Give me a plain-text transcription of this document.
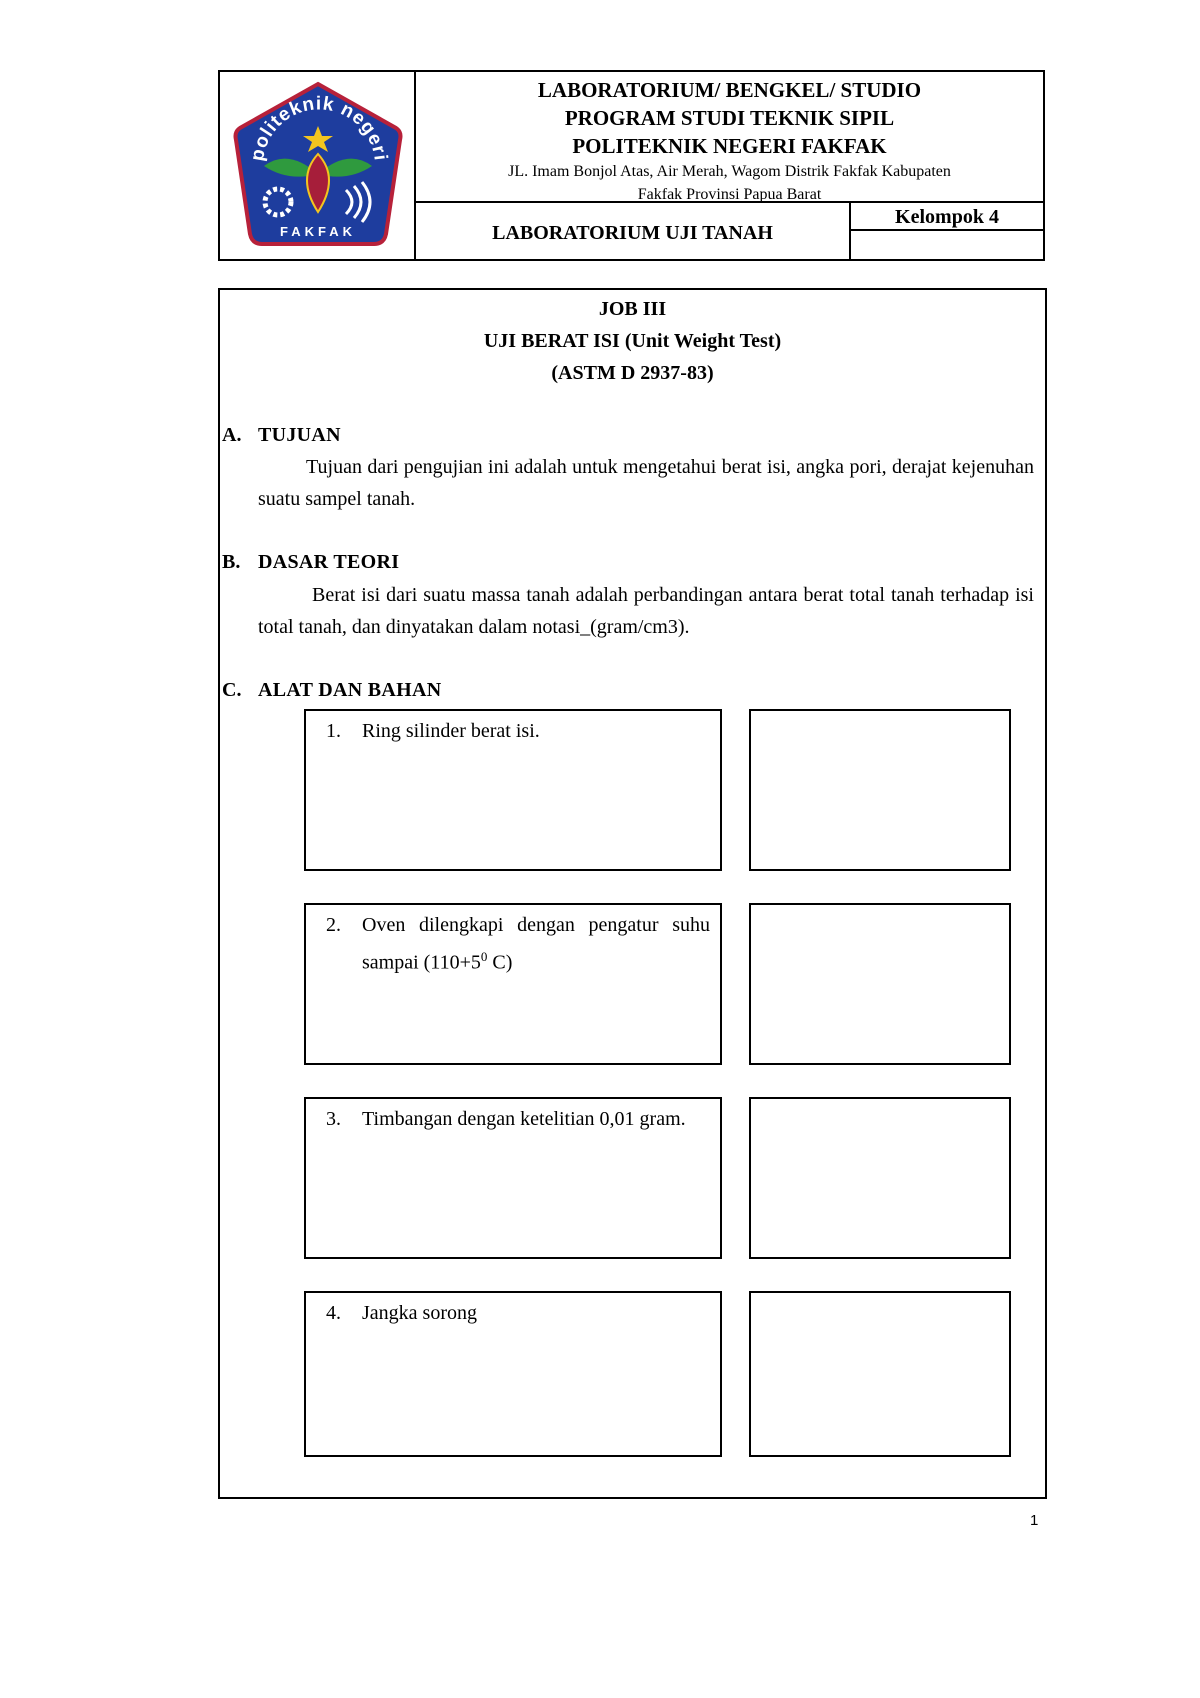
politeknik negeri
FAKFAK
LABORATORIUM/ BENGKEL/ STUDIO
PROGRAM STUDI TEKNIK SIPIL
POLITEKNIK NEGERI FAKFAK
JL. Imam Bonjol Atas, Air Merah, Wagom Distrik Fakfak Kabupaten
Fakfak Provinsi Papua Barat
LABORATORIUM UJI TANAH
Kelompok 4
JOB III
UJI BERAT ISI (Unit Weight Test)
(ASTM D 2937-83)
A. TUJUAN
Tujuan dari pengujian ini adalah untuk mengetahui berat isi, angka pori, derajat kejenuhan suatu sampel tanah.
B. DASAR TEORI
Berat isi dari suatu massa tanah adalah perbandingan antara berat total tanah terhadap isi total tanah, dan dinyatakan dalam notasi_(gram/cm3).
C. ALAT DAN BAHAN
1. Ring silinder berat isi.
2. Oven dilengkapi dengan pengatur suhu sampai ($110+5^0$ C)
3. Timbangan dengan ketelitian 0,01 gram.
4. Jangka sorong
1
